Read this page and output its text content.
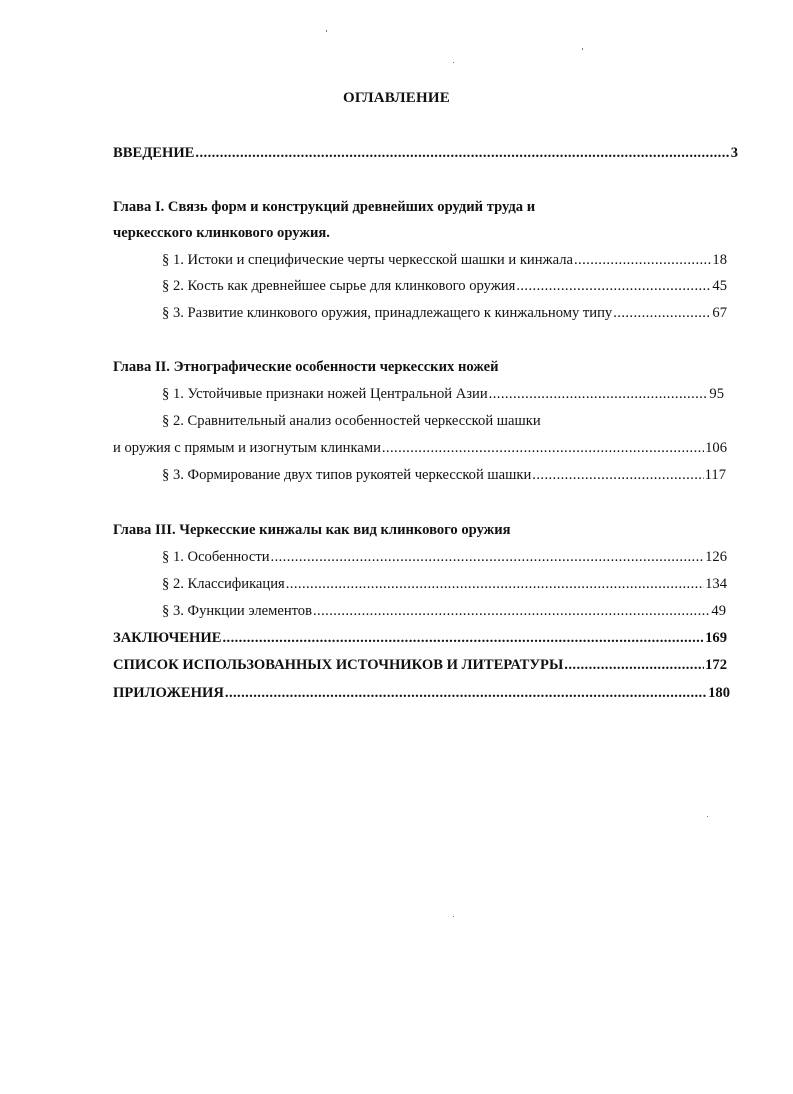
ОГЛАВЛЕНИЕ
ВВЕДЕНИЕ .....	3
Глава I. Связь форм и конструкций древнейших орудий труда и
черкесского клинкового оружия.
§ 1. Истоки и специфические черты черкесской шашки и кинжала .....	18
§ 2. Кость как древнейшее сырье для клинкового оружия .....	45
§ 3. Развитие клинкового оружия, принадлежащего к кинжальному типу .....	67
Глава II. Этнографические особенности черкесских ножей
§ 1. Устойчивые признаки ножей Центральной Азии .....	95
§ 2. Сравнительный анализ особенностей черкесской шашки
и оружия с прямым и изогнутым клинками .....	106
§ 3. Формирование двух типов рукоятей черкесской шашки .....	117
Глава III. Черкесские кинжалы как вид клинкового оружия
§ 1. Особенности .....	126
§ 2. Классификация .....	134
§ 3. Функции элементов .....	49
ЗАКЛЮЧЕНИЕ .....	169
СПИСОК ИСПОЛЬЗОВАННЫХ ИСТОЧНИКОВ И ЛИТЕРАТУРЫ .....	172
ПРИЛОЖЕНИЯ .....	180
